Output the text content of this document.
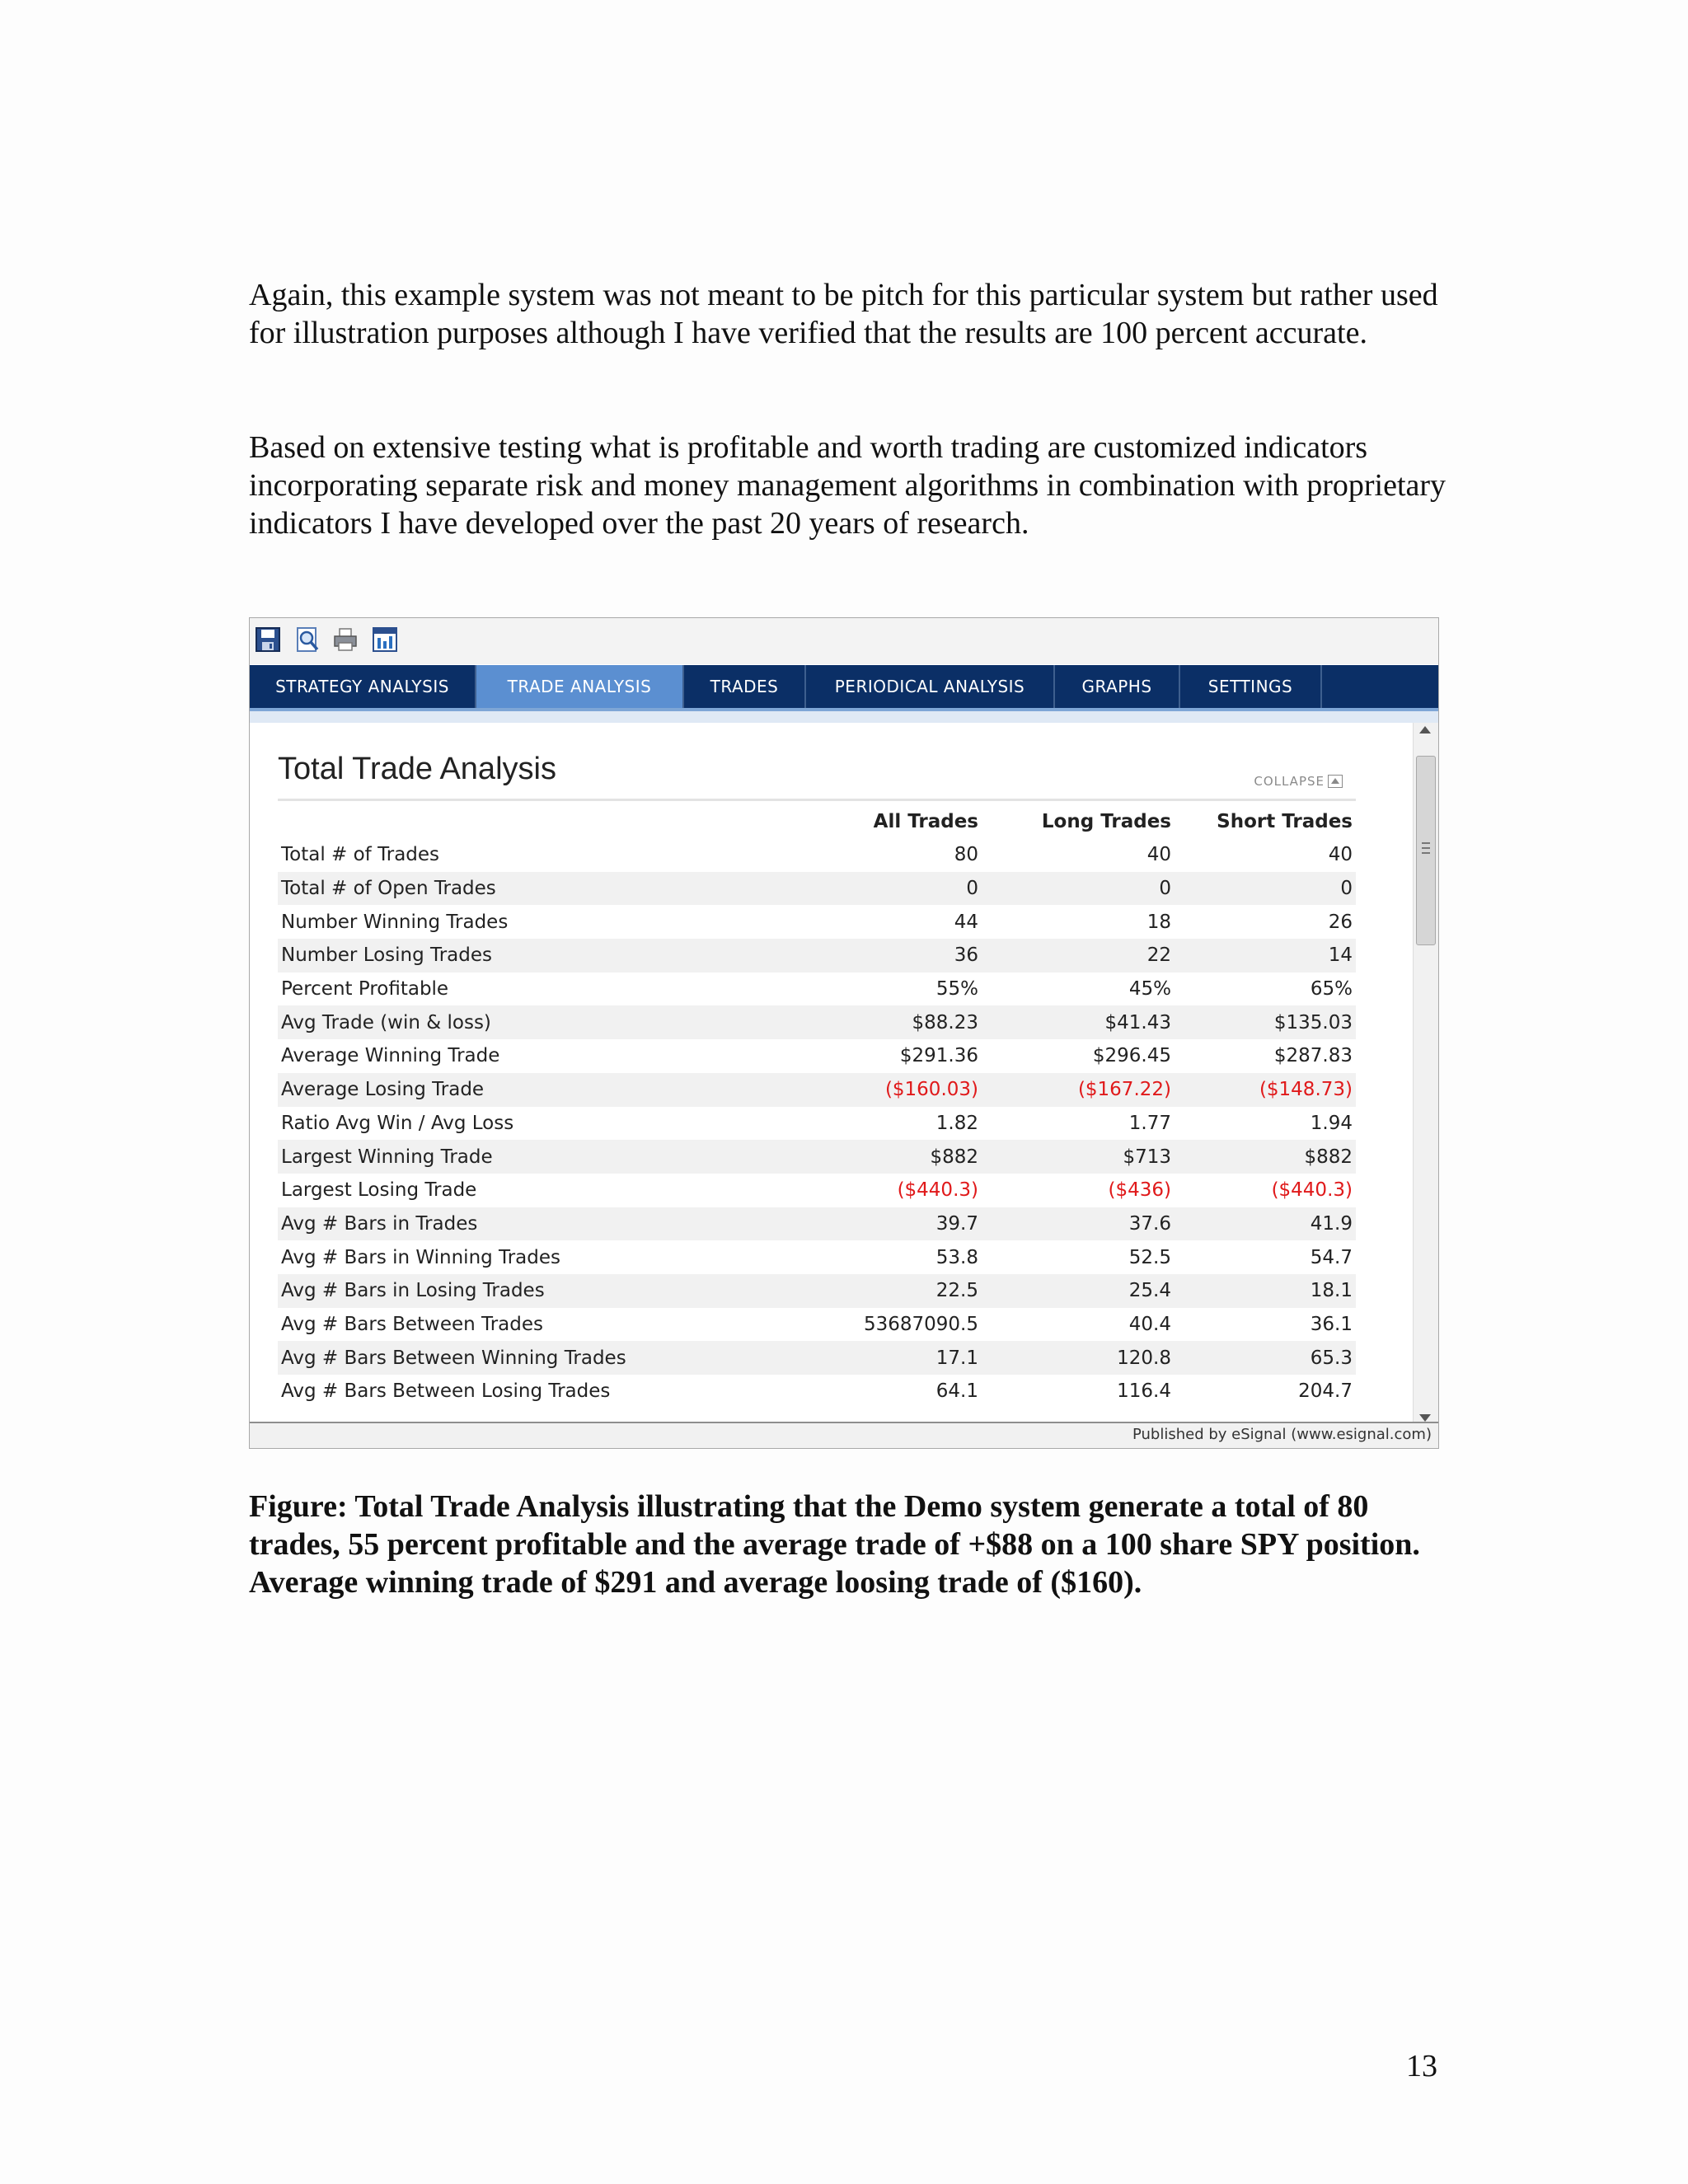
Again, this example system was not meant to be pitch for this particular system but rather used for illustration purposes although I have verified that the results are 100 percent accurate.

Based on extensive testing what is profitable and worth trading are customized indicators incorporating separate risk and money management algorithms in combination with proprietary indicators I have developed over the past 20 years of research.

STRATEGY ANALYSIS	TRADE ANALYSIS	TRADES	PERIODICAL ANALYSIS	GRAPHS	SETTINGS
Total Trade Analysis	COLLAPSE
	All Trades	Long Trades	Short Trades
Total # of Trades	80	40	40
Total # of Open Trades	0	0	0
Number Winning Trades	44	18	26
Number Losing Trades	36	22	14
Percent Profitable	55%	45%	65%
Avg Trade (win & loss)	$88.23	$41.43	$135.03
Average Winning Trade	$291.36	$296.45	$287.83
Average Losing Trade	($160.03)	($167.22)	($148.73)
Ratio Avg Win / Avg Loss	1.82	1.77	1.94
Largest Winning Trade	$882	$713	$882
Largest Losing Trade	($440.3)	($436)	($440.3)
Avg # Bars in Trades	39.7	37.6	41.9
Avg # Bars in Winning Trades	53.8	52.5	54.7
Avg # Bars in Losing Trades	22.5	25.4	18.1
Avg # Bars Between Trades	53687090.5	40.4	36.1
Avg # Bars Between Winning Trades	17.1	120.8	65.3
Avg # Bars Between Losing Trades	64.1	116.4	204.7
Published by eSignal (www.esignal.com)

Figure: Total Trade Analysis illustrating that the Demo system generate a total of 80 trades, 55 percent profitable and the average trade of +$88 on a 100 share SPY position. Average winning trade of $291 and average loosing trade of ($160).

13
